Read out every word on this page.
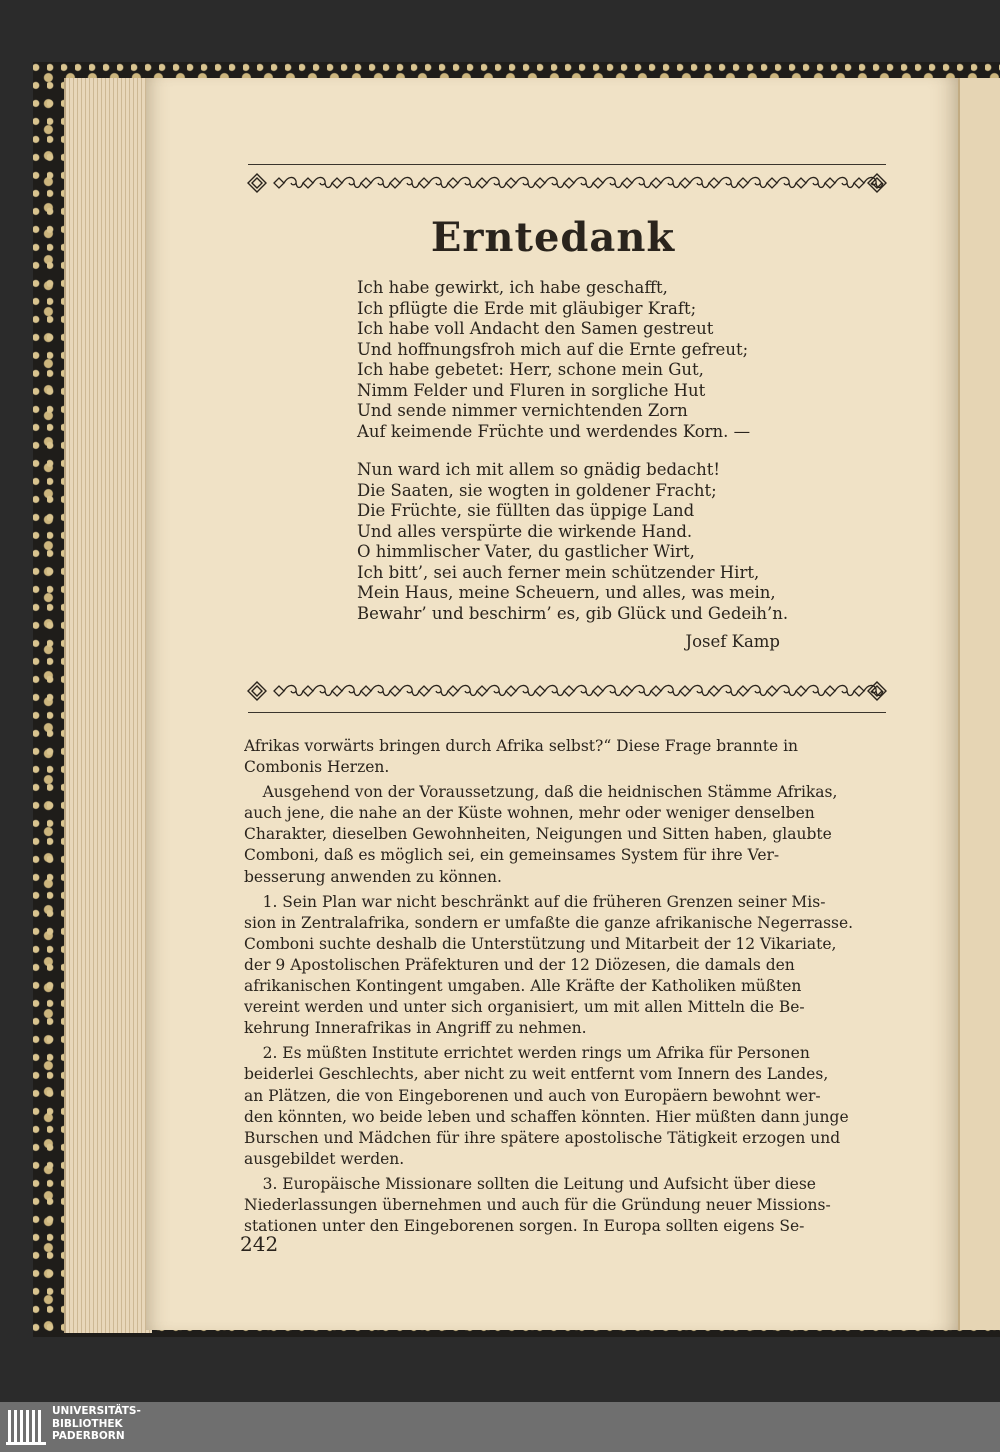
Erntedank
Ich habe gewirkt, ich habe geschafft,
Ich pflügte die Erde mit gläubiger Kraft;
Ich habe voll Andacht den Samen gestreut
Und hoffnungsfroh mich auf die Ernte gefreut;
Ich habe gebetet: Herr, schone mein Gut,
Nimm Felder und Fluren in sorgliche Hut
Und sende nimmer vernichtenden Zorn
Auf keimende Früchte und werdendes Korn. —
Nun ward ich mit allem so gnädig bedacht!
Die Saaten, sie wogten in goldener Fracht;
Die Früchte, sie füllten das üppige Land
Und alles verspürte die wirkende Hand.
O himmlischer Vater, du gastlicher Wirt,
Ich bitt’, sei auch ferner mein schützender Hirt,
Mein Haus, meine Scheuern, und alles, was mein,
Bewahr’ und beschirm’ es, gib Glück und Gedeih’n.
Josef Kamp
Afrikas vorwärts bringen durch Afrika selbst?“ Diese Frage brannte in
Combonis Herzen.
Ausgehend von der Voraussetzung, daß die heidnischen Stämme Afrikas,
auch jene, die nahe an der Küste wohnen, mehr oder weniger denselben
Charakter, dieselben Gewohnheiten, Neigungen und Sitten haben, glaubte
Comboni, daß es möglich sei, ein gemeinsames System für ihre Ver-
besserung anwenden zu können.
1. Sein Plan war nicht beschränkt auf die früheren Grenzen seiner Mis-
sion in Zentralafrika, sondern er umfaßte die ganze afrikanische Negerrasse.
Comboni suchte deshalb die Unterstützung und Mitarbeit der 12 Vikariate,
der 9 Apostolischen Präfekturen und der 12 Diözesen, die damals den
afrikanischen Kontingent umgaben. Alle Kräfte der Katholiken müßten
vereint werden und unter sich organisiert, um mit allen Mitteln die Be-
kehrung Innerafrikas in Angriff zu nehmen.
2. Es müßten Institute errichtet werden rings um Afrika für Personen
beiderlei Geschlechts, aber nicht zu weit entfernt vom Innern des Landes,
an Plätzen, die von Eingeborenen und auch von Europäern bewohnt wer-
den könnten, wo beide leben und schaffen könnten. Hier müßten dann junge
Burschen und Mädchen für ihre spätere apostolische Tätigkeit erzogen und
ausgebildet werden.
3. Europäische Missionare sollten die Leitung und Aufsicht über diese
Niederlassungen übernehmen und auch für die Gründung neuer Missions-
stationen unter den Eingeborenen sorgen. In Europa sollten eigens Se-
242
UNIVERSITÄTS-
BIBLIOTHEK
PADERBORN
